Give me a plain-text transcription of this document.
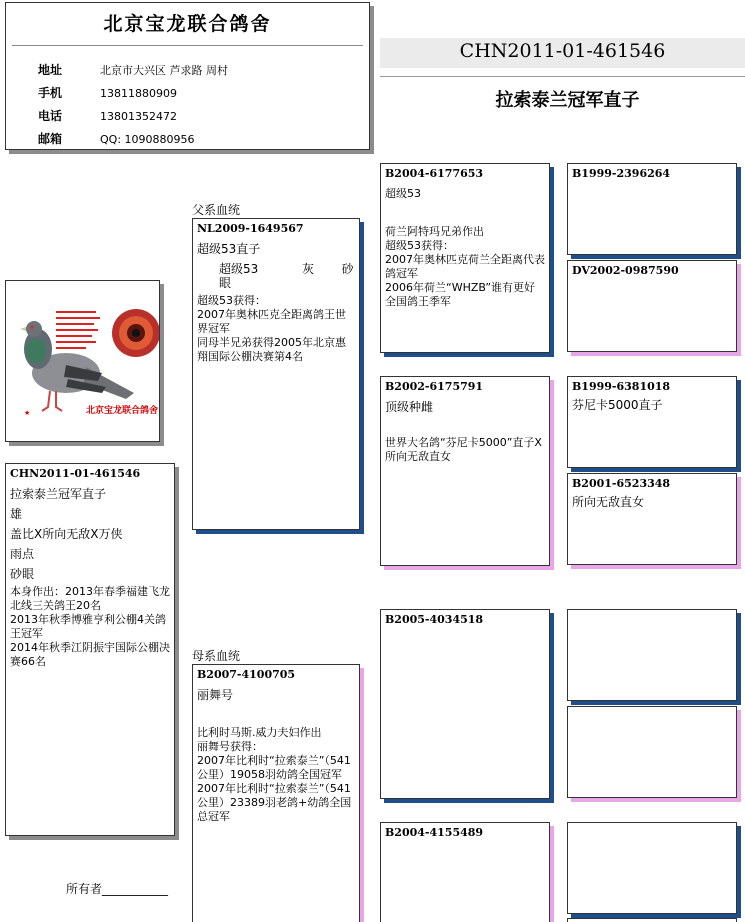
北京宝龙联合鸽舍
地址	北京市大兴区 芦求路 周村
手机	13811880909
电话	13801352472
邮箱	QQ: 1090880956
CHN2011-01-461546
拉索泰兰冠军直子
★	北京宝龙联合鸽舍
CHN2011-01-461546
拉索泰兰冠军直子
雄
盖比X所向无敌X万侠
雨点
砂眼
本身作出：2013年春季福建飞龙北线三关鸽王20名
2013年秋季博雅亨利公棚4关鸽王冠军
2014年秋季江阴振宇国际公棚决赛66名
所有者___________
父系血统
NL2009-1649567
超级53直子
超级53	灰 砂眼
超级53获得：
2007年奥林匹克全距离鸽王世界冠军
同母半兄弟获得2005年北京惠翔国际公棚决赛第4名
母系血统
B2007-4100705
丽舞号
比利时马斯.威力夫妇作出
丽舞号获得：
2007年比利时“拉索泰兰”（541公里）19058羽幼鸽全国冠军
2007年比利时“拉索泰兰”（541公里）23389羽老鸽+幼鸽全国总冠军
B2004-6177653
超级53
荷兰阿特玛兄弟作出
超级53获得：
2007年奥林匹克荷兰全距离代表鸽冠军
2006年荷兰“WHZB”谁有更好全国鸽王季军
B2002-6175791
顶级种雌
世界大名鸽“芬尼卡5000”直子X所向无敌直女
B2005-4034518
B2004-4155489
B1999-2396264
DV2002-0987590
B1999-6381018
芬尼卡5000直子
B2001-6523348
所向无敌直女
